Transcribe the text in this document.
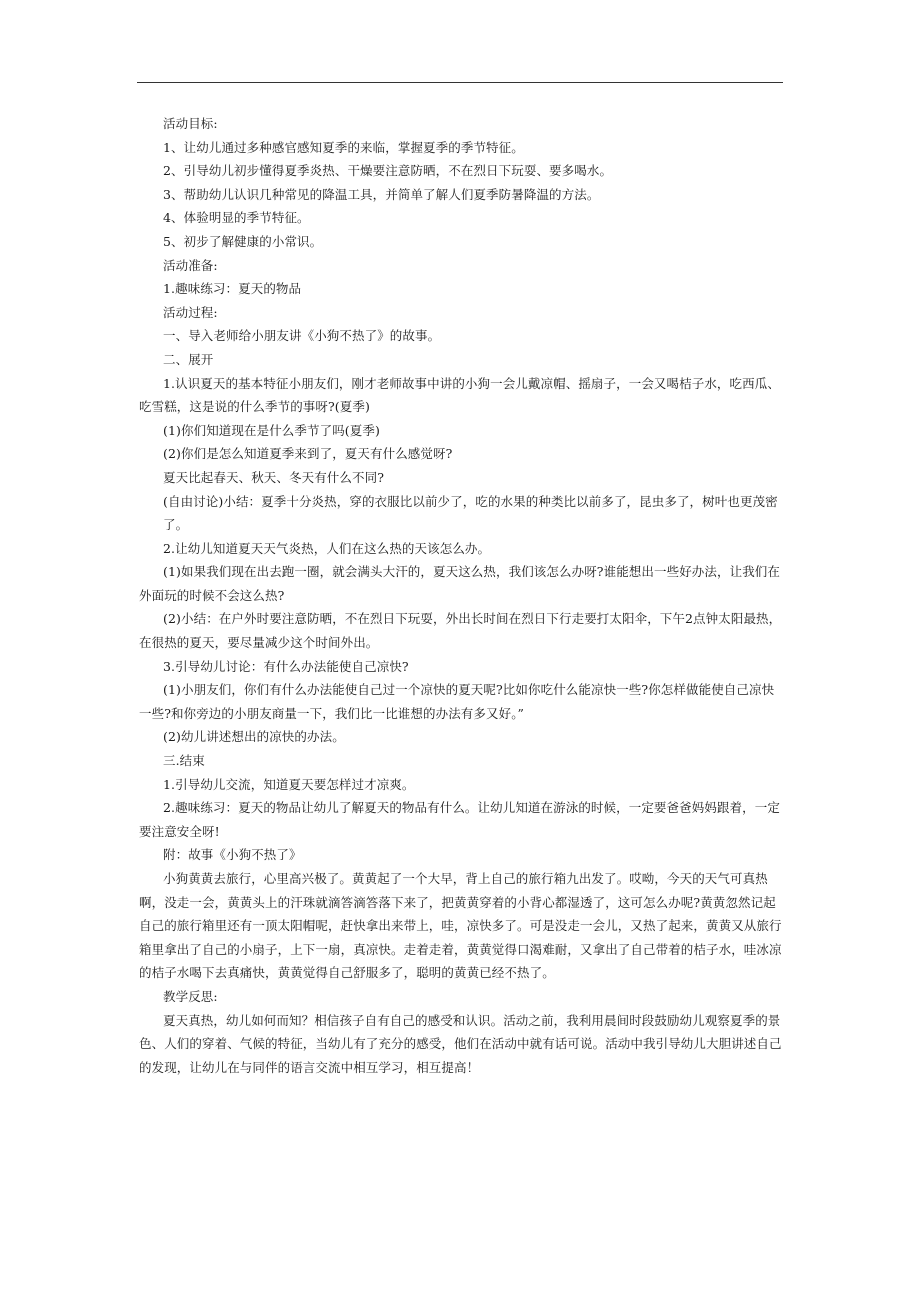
活动目标:

1、让幼儿通过多种感官感知夏季的来临，掌握夏季的季节特征。

2、引导幼儿初步懂得夏季炎热、干燥要注意防晒，不在烈日下玩耍、要多喝水。

3、帮助幼儿认识几种常见的降温工具，并简单了解人们夏季防暑降温的方法。

4、体验明显的季节特征。

5、初步了解健康的小常识。

活动准备:

1.趣味练习：夏天的物品

活动过程:

一、导入老师给小朋友讲《小狗不热了》的故事。

二、展开

1.认识夏天的基本特征小朋友们，刚才老师故事中讲的小狗一会儿戴凉帽、摇扇子，一会又喝桔子水，吃西瓜、吃雪糕，这是说的什么季节的事呀?(夏季)

(1)你们知道现在是什么季节了吗(夏季)

(2)你们是怎么知道夏季来到了，夏天有什么感觉呀?

夏天比起春天、秋天、冬天有什么不同?

(自由讨论)小结：夏季十分炎热，穿的衣服比以前少了，吃的水果的种类比以前多了，昆虫多了，树叶也更茂密了。

2.让幼儿知道夏天天气炎热，人们在这么热的天该怎么办。

(1)如果我们现在出去跑一圈，就会满头大汗的，夏天这么热，我们该怎么办呀?谁能想出一些好办法，让我们在外面玩的时候不会这么热?

(2)小结：在户外时要注意防晒，不在烈日下玩耍，外出长时间在烈日下行走要打太阳伞，下午2点钟太阳最热，在很热的夏天，要尽量减少这个时间外出。

3.引导幼儿讨论：有什么办法能使自己凉快?

(1)小朋友们，你们有什么办法能使自己过一个凉快的夏天呢?比如你吃什么能凉快一些?你怎样做能使自己凉快一些?和你旁边的小朋友商量一下，我们比一比谁想的办法有多又好。”

(2)幼儿讲述想出的凉快的办法。

三.结束

1.引导幼儿交流，知道夏天要怎样过才凉爽。

2.趣味练习：夏天的物品让幼儿了解夏天的物品有什么。让幼儿知道在游泳的时候，一定要爸爸妈妈跟着，一定要注意安全呀!

附：故事《小狗不热了》

小狗黄黄去旅行，心里高兴极了。黄黄起了一个大早，背上自己的旅行箱九出发了。哎呦，今天的天气可真热啊，没走一会，黄黄头上的汗珠就滴答滴答落下来了，把黄黄穿着的小背心都湿透了，这可怎么办呢?黄黄忽然记起自己的旅行箱里还有一顶太阳帽呢，赶快拿出来带上，哇，凉快多了。可是没走一会儿，又热了起来，黄黄又从旅行箱里拿出了自己的小扇子，上下一扇，真凉快。走着走着，黄黄觉得口渴难耐，又拿出了自己带着的桔子水，哇冰凉的桔子水喝下去真痛快，黄黄觉得自己舒服多了，聪明的黄黄已经不热了。

教学反思:

夏天真热，幼儿如何而知？相信孩子自有自己的感受和认识。活动之前，我利用晨间时段鼓励幼儿观察夏季的景色、人们的穿着、气候的特征，当幼儿有了充分的感受，他们在活动中就有话可说。活动中我引导幼儿大胆讲述自己的发现，让幼儿在与同伴的语言交流中相互学习，相互提高！
